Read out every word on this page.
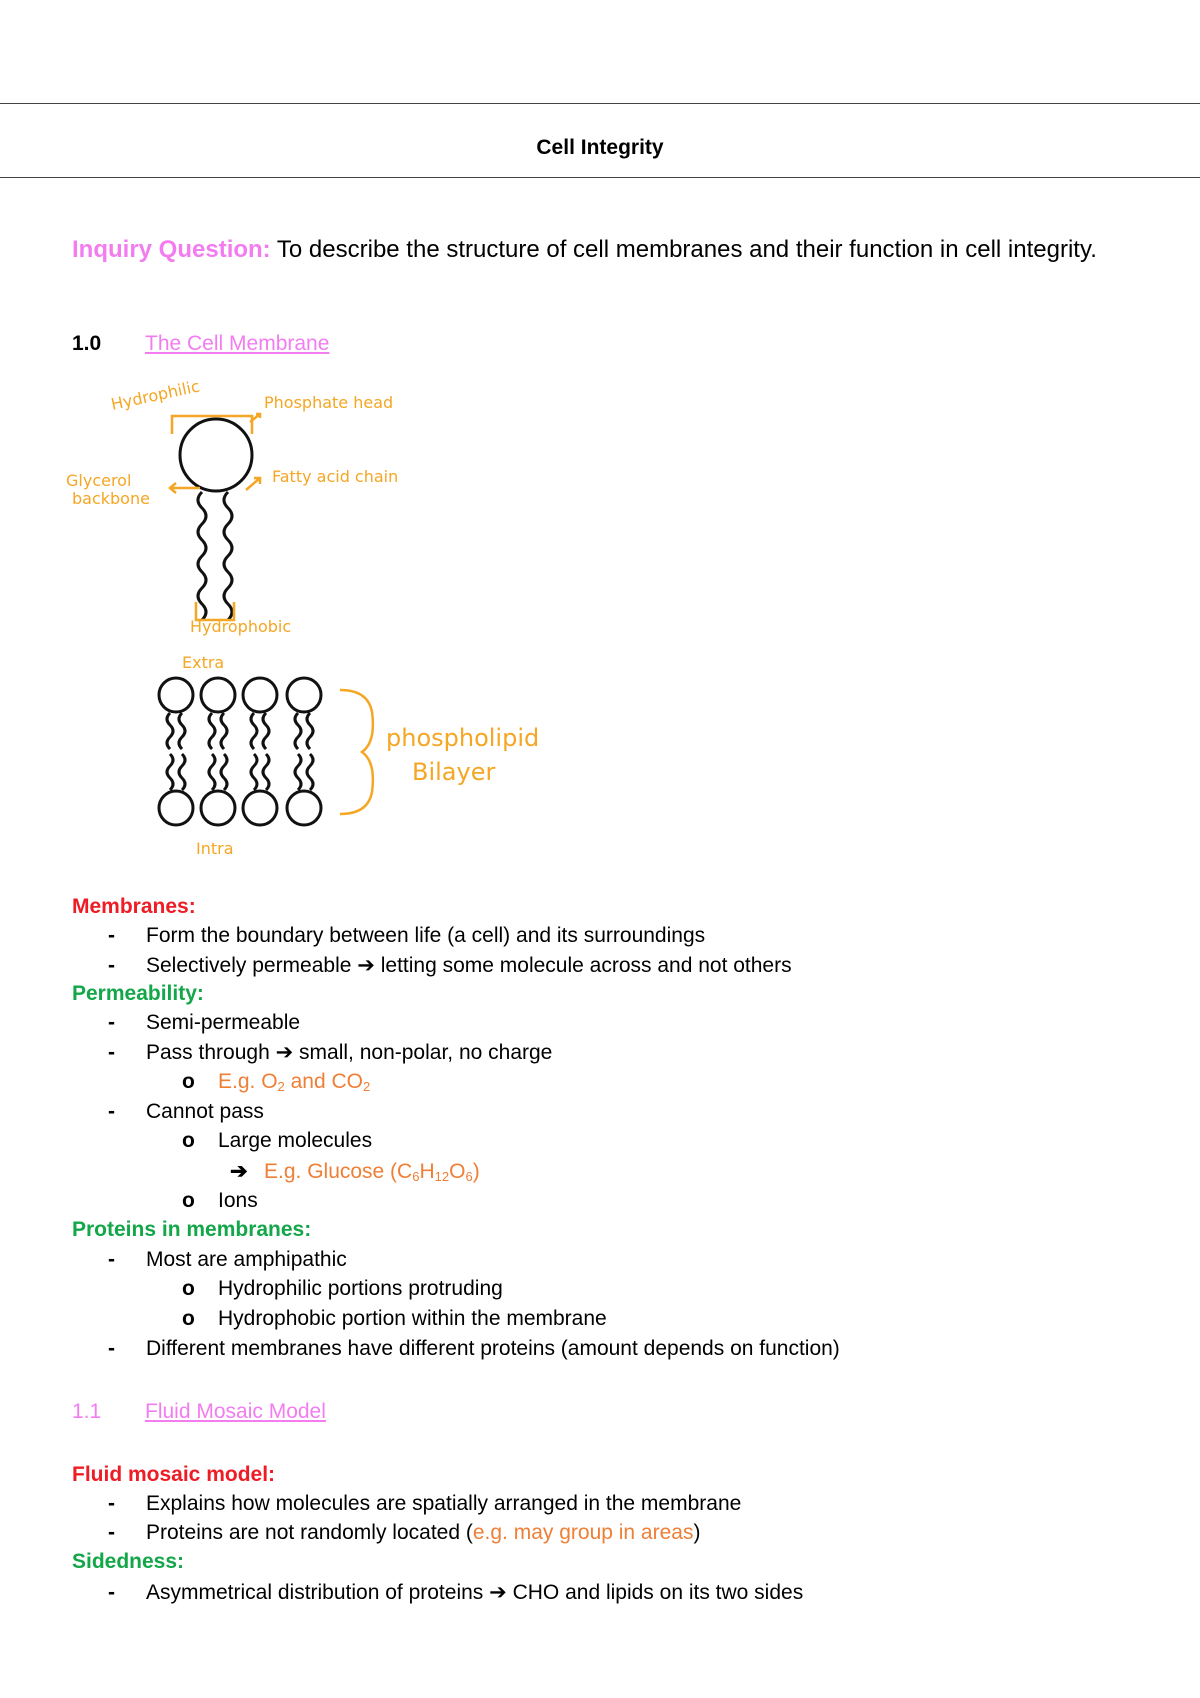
Cell Integrity
Inquiry Question: To describe the structure of cell membranes and their function in cell integrity.
1.0 The Cell Membrane
Hydrophilic	Phosphate head
Glycerol
backbone
Fatty acid chain
Hydrophobic
Extra
Intra
phospholipid
Bilayer
Membranes:
- Form the boundary between life (a cell) and its surroundings
- Selectively permeable ➔ letting some molecule across and not others
Permeability:
- Semi-permeable
- Pass through ➔ small, non-polar, no charge
o E.g. $O_2$ and $CO_2$
- Cannot pass
o Large molecules
➔ E.g. Glucose $(C_6H_{12}O_6)$
o Ions
Proteins in membranes:
- Most are amphipathic
o Hydrophilic portions protruding
o Hydrophobic portion within the membrane
- Different membranes have different proteins (amount depends on function)
1.1 Fluid Mosaic Model
Fluid mosaic model:
- Explains how molecules are spatially arranged in the membrane
- Proteins are not randomly located (e.g. may group in areas)
Sidedness:
- Asymmetrical distribution of proteins ➔ CHO and lipids on its two sides
